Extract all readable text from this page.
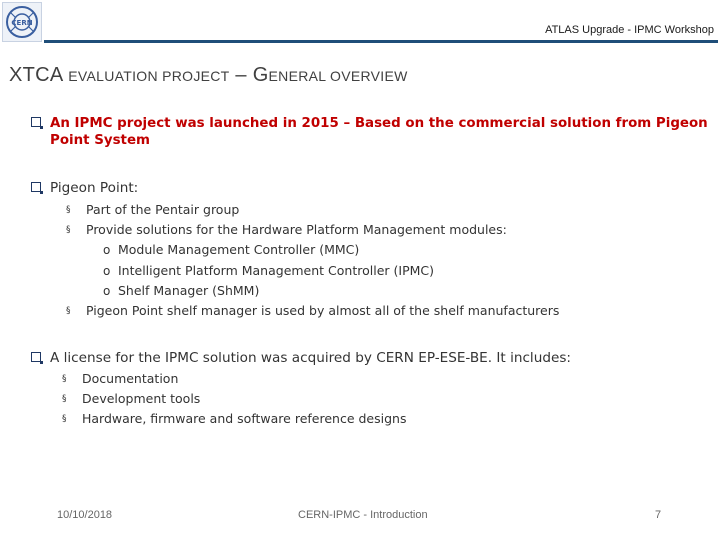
CERN
ATLAS Upgrade - IPMC Workshop
XTCA EVALUATION PROJECT – GENERAL OVERVIEW
An IPMC project was launched in 2015 – Based on the commercial solution from Pigeon Point System
Pigeon Point:
§ Part of the Pentair group
§ Provide solutions for the Hardware Platform Management modules:
o Module Management Controller (MMC)
o Intelligent Platform Management Controller (IPMC)
o Shelf Manager (ShMM)
§ Pigeon Point shelf manager is used by almost all of the shelf manufacturers
A license for the IPMC solution was acquired by CERN EP-ESE-BE. It includes:
§ Documentation
§ Development tools
§ Hardware, firmware and software reference designs
10/10/2018	CERN-IPMC - Introduction	7
